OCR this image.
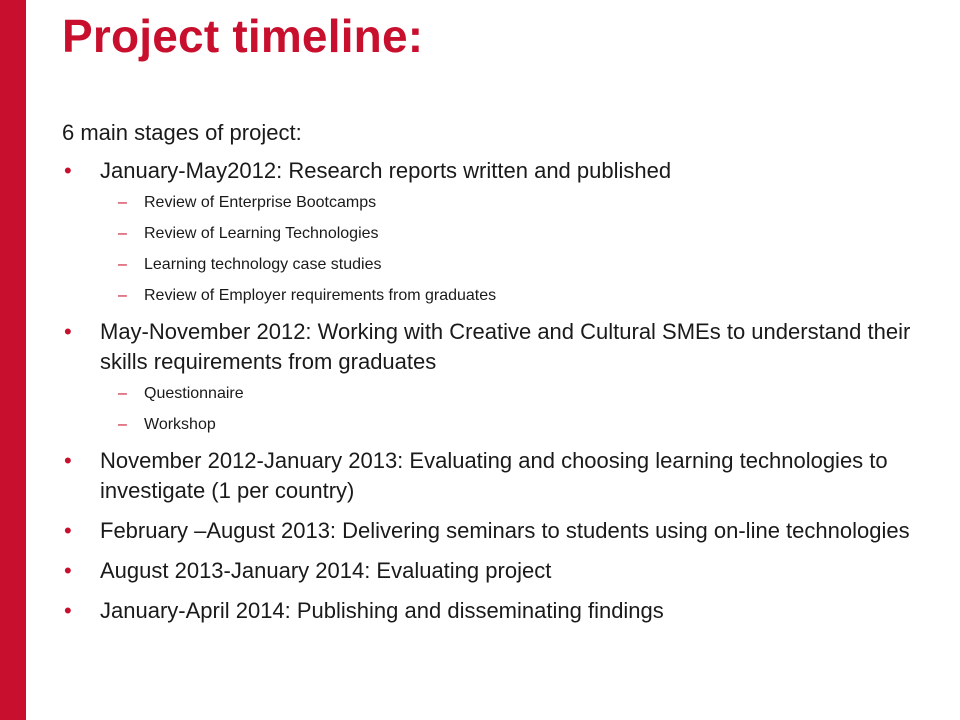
Project timeline:

6 main stages of project:

• January-May2012: Research reports written and published
– Review of Enterprise Bootcamps
– Review of Learning Technologies
– Learning technology case studies
– Review of Employer requirements from graduates
• May-November 2012: Working with Creative and Cultural SMEs to understand their skills requirements from graduates
– Questionnaire
– Workshop
• November 2012-January 2013: Evaluating and choosing learning technologies to investigate (1 per country)
• February –August 2013: Delivering seminars to students using on-line technologies
• August 2013-January 2014: Evaluating project
• January-April 2014: Publishing and disseminating findings
